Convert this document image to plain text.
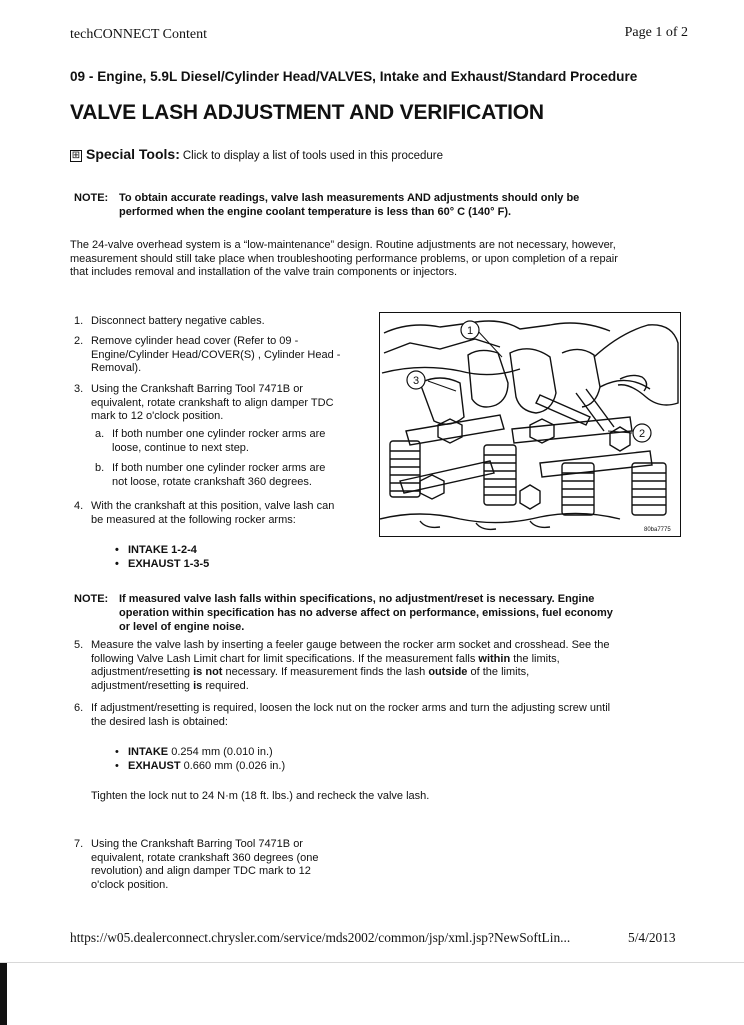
techCONNECT Content	Page 1 of 2
09 - Engine, 5.9L Diesel/Cylinder Head/VALVES, Intake and Exhaust/Standard Procedure
VALVE LASH ADJUSTMENT AND VERIFICATION
⊞ Special Tools: Click to display a list of tools used in this procedure
NOTE: To obtain accurate readings, valve lash measurements AND adjustments should only be
performed when the engine coolant temperature is less than 60° C (140° F).
The 24-valve overhead system is a “low-maintenance” design. Routine adjustments are not necessary, however,
measurement should still take place when troubleshooting performance problems, or upon completion of a repair
that includes removal and installation of the valve train components or injectors.
1. Disconnect battery negative cables.
2. Remove cylinder head cover (Refer to 09 -
Engine/Cylinder Head/COVER(S) , Cylinder Head -
Removal).
3. Using the Crankshaft Barring Tool 7471B or
equivalent, rotate crankshaft to align damper TDC
mark to 12 o'clock position.
a. If both number one cylinder rocker arms are
loose, continue to next step.
b. If both number one cylinder rocker arms are
not loose, rotate crankshaft 360 degrees.
4. With the crankshaft at this position, valve lash can
be measured at the following rocker arms:
• INTAKE 1-2-4
• EXHAUST 1-3-5
1
2
3
80ba7775
NOTE: If measured valve lash falls within specifications, no adjustment/reset is necessary. Engine
operation within specification has no adverse affect on performance, emissions, fuel economy
or level of engine noise.
5. Measure the valve lash by inserting a feeler gauge between the rocker arm socket and crosshead. See the
following Valve Lash Limit chart for limit specifications. If the measurement falls within the limits,
adjustment/resetting is not necessary. If measurement finds the lash outside of the limits,
adjustment/resetting is required.
6. If adjustment/resetting is required, loosen the lock nut on the rocker arms and turn the adjusting screw until
the desired lash is obtained:
• INTAKE 0.254 mm (0.010 in.)
• EXHAUST 0.660 mm (0.026 in.)
Tighten the lock nut to 24 N·m (18 ft. lbs.) and recheck the valve lash.
7. Using the Crankshaft Barring Tool 7471B or
equivalent, rotate crankshaft 360 degrees (one
revolution) and align damper TDC mark to 12
o'clock position.
https://w05.dealerconnect.chrysler.com/service/mds2002/common/jsp/xml.jsp?NewSoftLin...	5/4/2013
